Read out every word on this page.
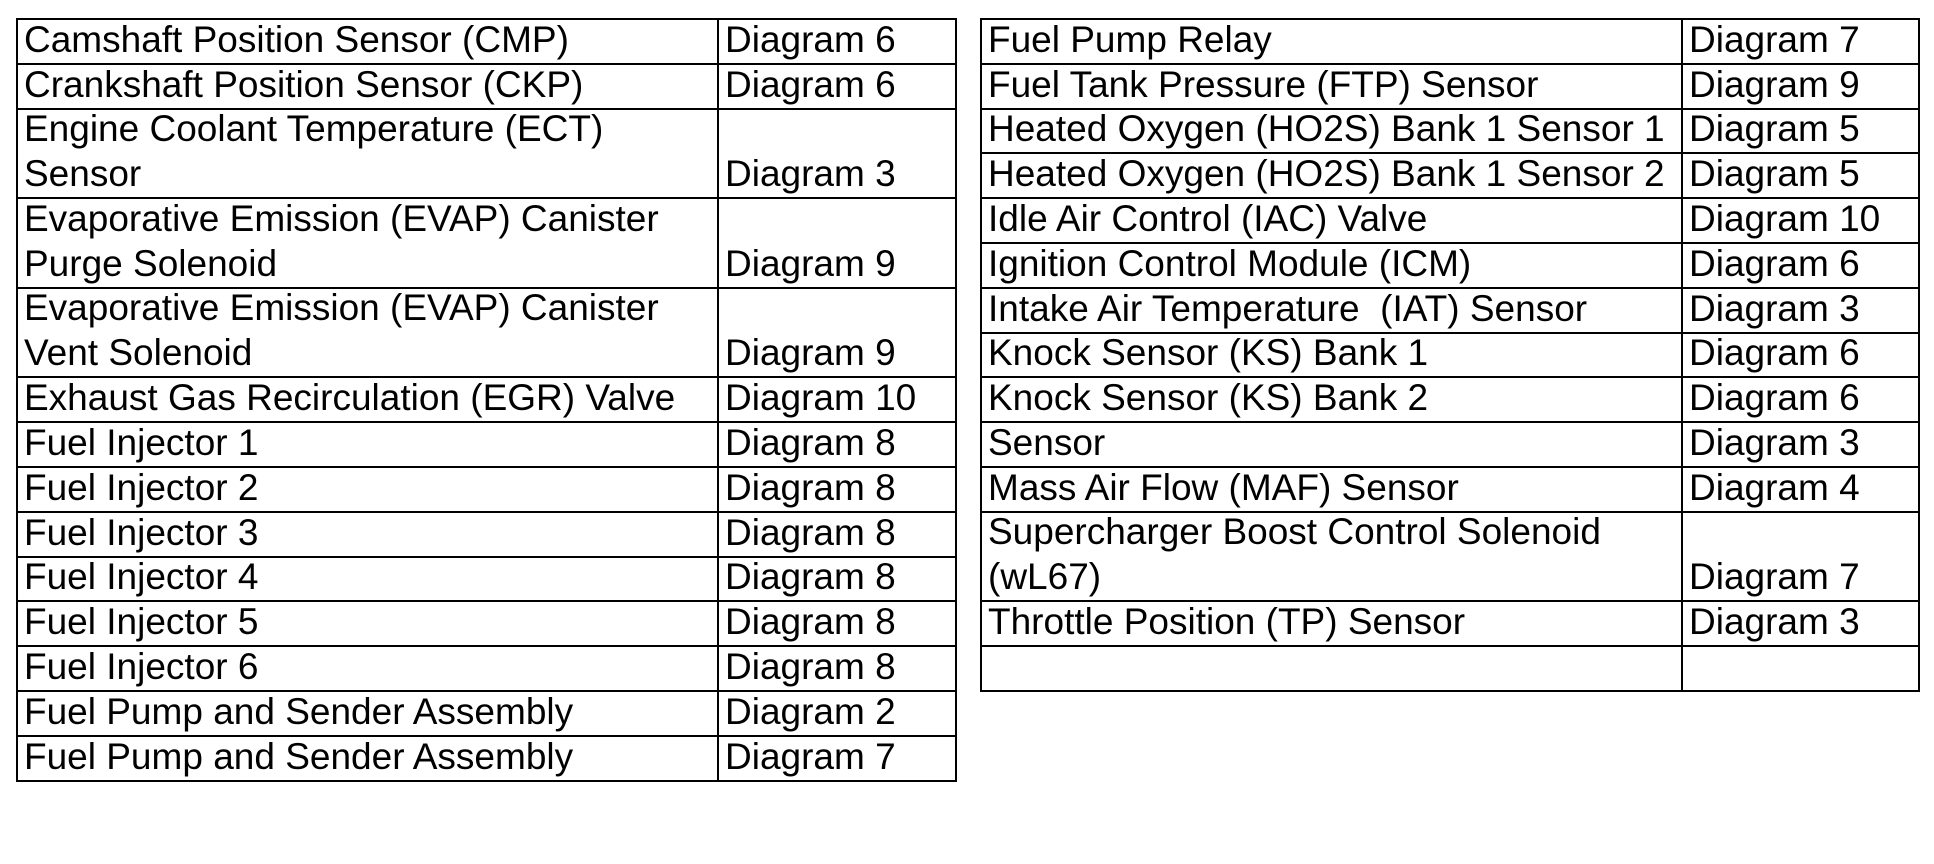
Camshaft Position Sensor (CMP)	Diagram 6
Crankshaft Position Sensor (CKP)	Diagram 6
Engine Coolant Temperature (ECT)
Sensor	Diagram 3
Evaporative Emission (EVAP) Canister
Purge Solenoid	Diagram 9
Evaporative Emission (EVAP) Canister
Vent Solenoid	Diagram 9
Exhaust Gas Recirculation (EGR) Valve	Diagram 10
Fuel Injector 1	Diagram 8
Fuel Injector 2	Diagram 8
Fuel Injector 3	Diagram 8
Fuel Injector 4	Diagram 8
Fuel Injector 5	Diagram 8
Fuel Injector 6	Diagram 8
Fuel Pump and Sender Assembly	Diagram 2
Fuel Pump and Sender Assembly	Diagram 7
Fuel Pump Relay	Diagram 7
Fuel Tank Pressure (FTP) Sensor	Diagram 9
Heated Oxygen (HO2S) Bank 1 Sensor 1 Diagram 5
Heated Oxygen (HO2S) Bank 1 Sensor 2 Diagram 5
Idle Air Control (IAC) Valve	Diagram 10
Ignition Control Module (ICM)	Diagram 6
Intake Air Temperature  (IAT) Sensor	Diagram 3
Knock Sensor (KS) Bank 1	Diagram 6
Knock Sensor (KS) Bank 2	Diagram 6
Sensor	Diagram 3
Mass Air Flow (MAF) Sensor	Diagram 4
Supercharger Boost Control Solenoid
(wL67)	Diagram 7
Throttle Position (TP) Sensor	Diagram 3
